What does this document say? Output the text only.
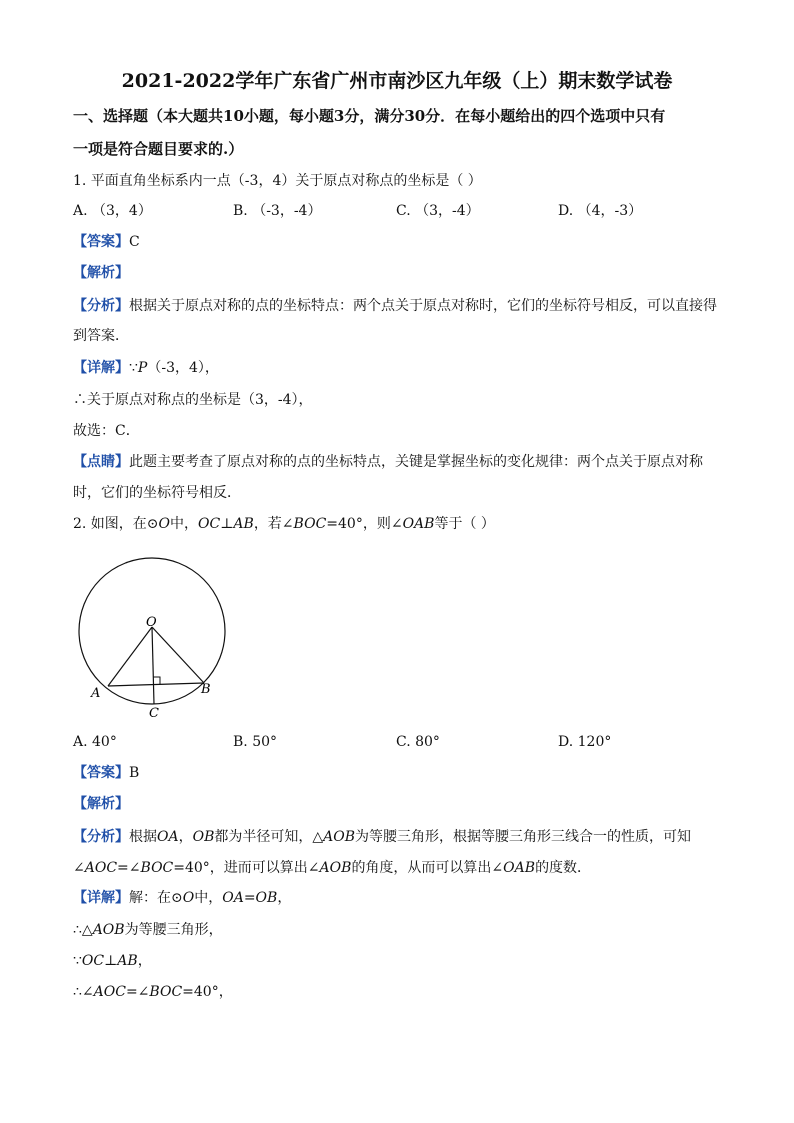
2021-2022学年广东省广州市南沙区九年级（上）期末数学试卷
一、选择题（本大题共10小题，每小题3分，满分30分．在每小题给出的四个选项中只有
一项是符合题目要求的.）
1. 平面直角坐标系内一点（-3，4）关于原点对称点的坐标是（ ）
A. （3，4）	B. （-3，-4）	C. （3，-4）	D. （4，-3）
【答案】C
【解析】
【分析】根据关于原点对称的点的坐标特点：两个点关于原点对称时，它们的坐标符号相反，可以直接得
到答案．
【详解】∵P（-3，4），
∴关于原点对称点的坐标是（3，-4），
故选：C．
【点睛】此题主要考查了原点对称的点的坐标特点，关键是掌握坐标的变化规律：两个点关于原点对称
时，它们的坐标符号相反．
2. 如图，在⊙O中，OC⊥AB，若∠BOC=40°，则∠OAB等于（ ）
O
A	B
C
A. 40°	B. 50°	C. 80°	D. 120°
【答案】B
【解析】
【分析】根据OA，OB都为半径可知，△AOB为等腰三角形，根据等腰三角形三线合一的性质，可知
∠AOC=∠BOC=40°，进而可以算出∠AOB的角度，从而可以算出∠OAB的度数．
【详解】解：在⊙O中，OA=OB，
∴△AOB为等腰三角形，
∵OC⊥AB，
∴∠AOC=∠BOC=40°，
